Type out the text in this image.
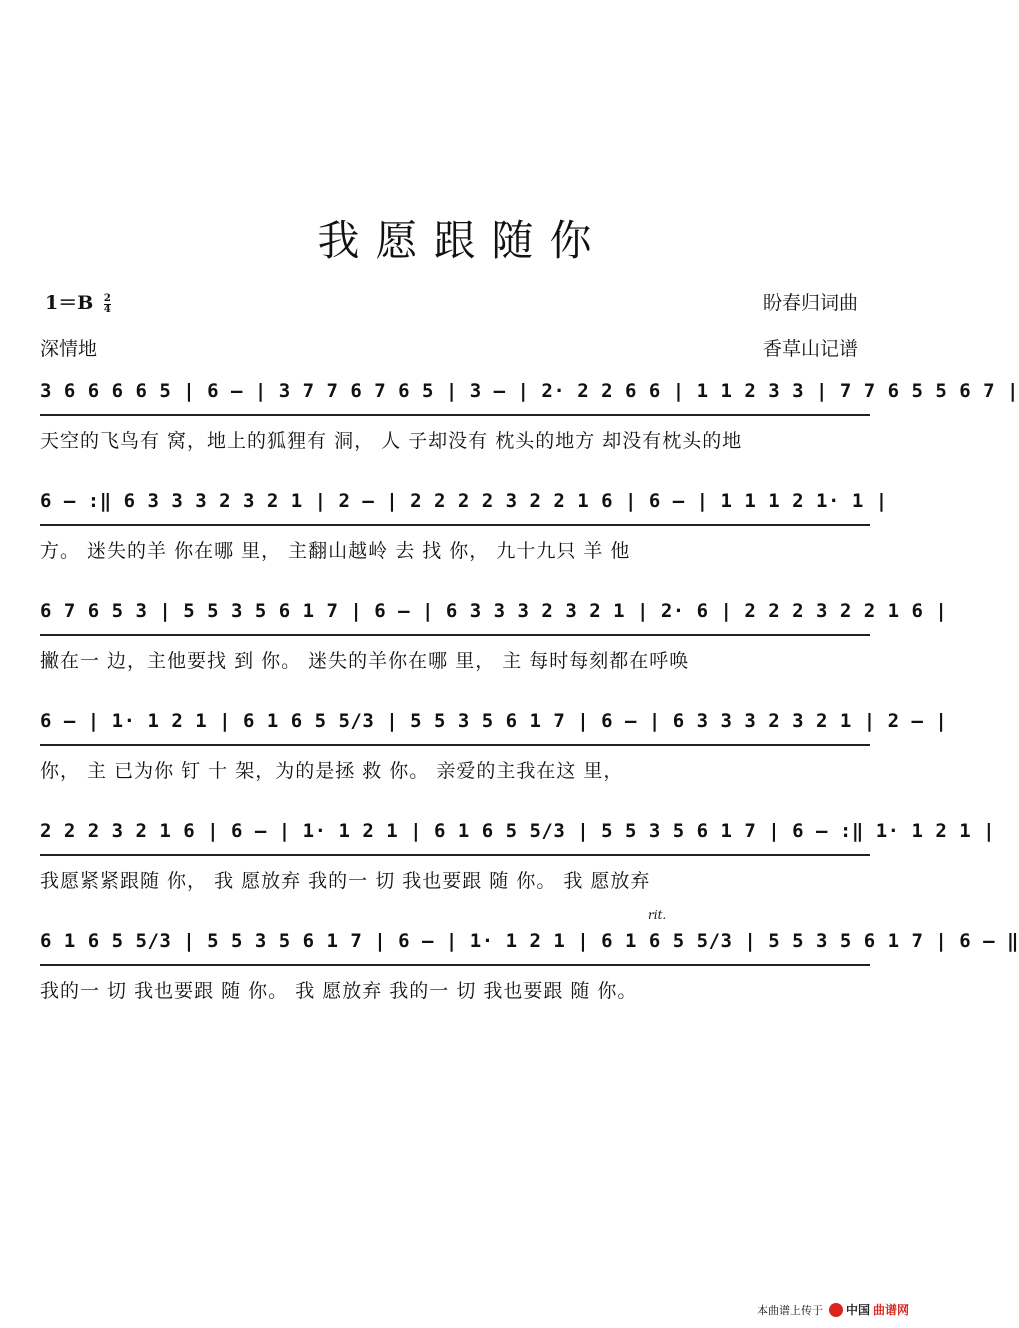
我愿跟随你
$1=B \frac{2}{4}$	盼春归词曲
深情地	香草山记谱
3 6 6 6 6 5 | 6 – | 3 7 7 6 7 6 5 | 3 – | 2· 2 2 6 6 | 1 1 2 3 3 | 7 7 6 5 5 6 7 |
天空的飞鸟有 窝，地上的狐狸有 洞， 人 子却没有 枕头的地方 却没有枕头的地
6 – :‖ 6 3 3 3 2 3 2 1 | 2 – | 2 2 2 2 3 2 2 1 6 | 6 – | 1 1 1 2 1· 1 |
方。 迷失的羊 你在哪 里， 主翻山越岭 去 找 你， 九十九只 羊 他
6 7 6 5 3 | 5 5 3 5 6 1 7 | 6 – | 6 3 3 3 2 3 2 1 | 2· 6 | 2 2 2 3 2 2 1 6 |
撇在一 边，主他要找 到 你。 迷失的羊你在哪 里， 主 每时每刻都在呼唤
6 – | 1· 1 2 1 | 6 1 6 5 5/3 | 5 5 3 5 6 1 7 | 6 – | 6 3 3 3 2 3 2 1 | 2 – |
你， 主 已为你 钉 十 架，为的是拯 救 你。 亲爱的主我在这 里，
2 2 2 3 2 1 6 | 6 – | 1· 1 2 1 | 6 1 6 5 5/3 | 5 5 3 5 6 1 7 | 6 – :‖ 1· 1 2 1 |
我愿紧紧跟随 你， 我 愿放弃 我的一 切 我也要跟 随 你。 我 愿放弃
rit.
6 1 6 5 5/3 | 5 5 3 5 6 1 7 | 6 – | 1· 1 2 1 | 6 1 6 5 5/3 | 5 5 3 5 6 1 7 | 6 – ‖
我的一 切 我也要跟 随 你。 我 愿放弃 我的一 切 我也要跟 随 你。
本曲谱上传于 中国 曲谱网
